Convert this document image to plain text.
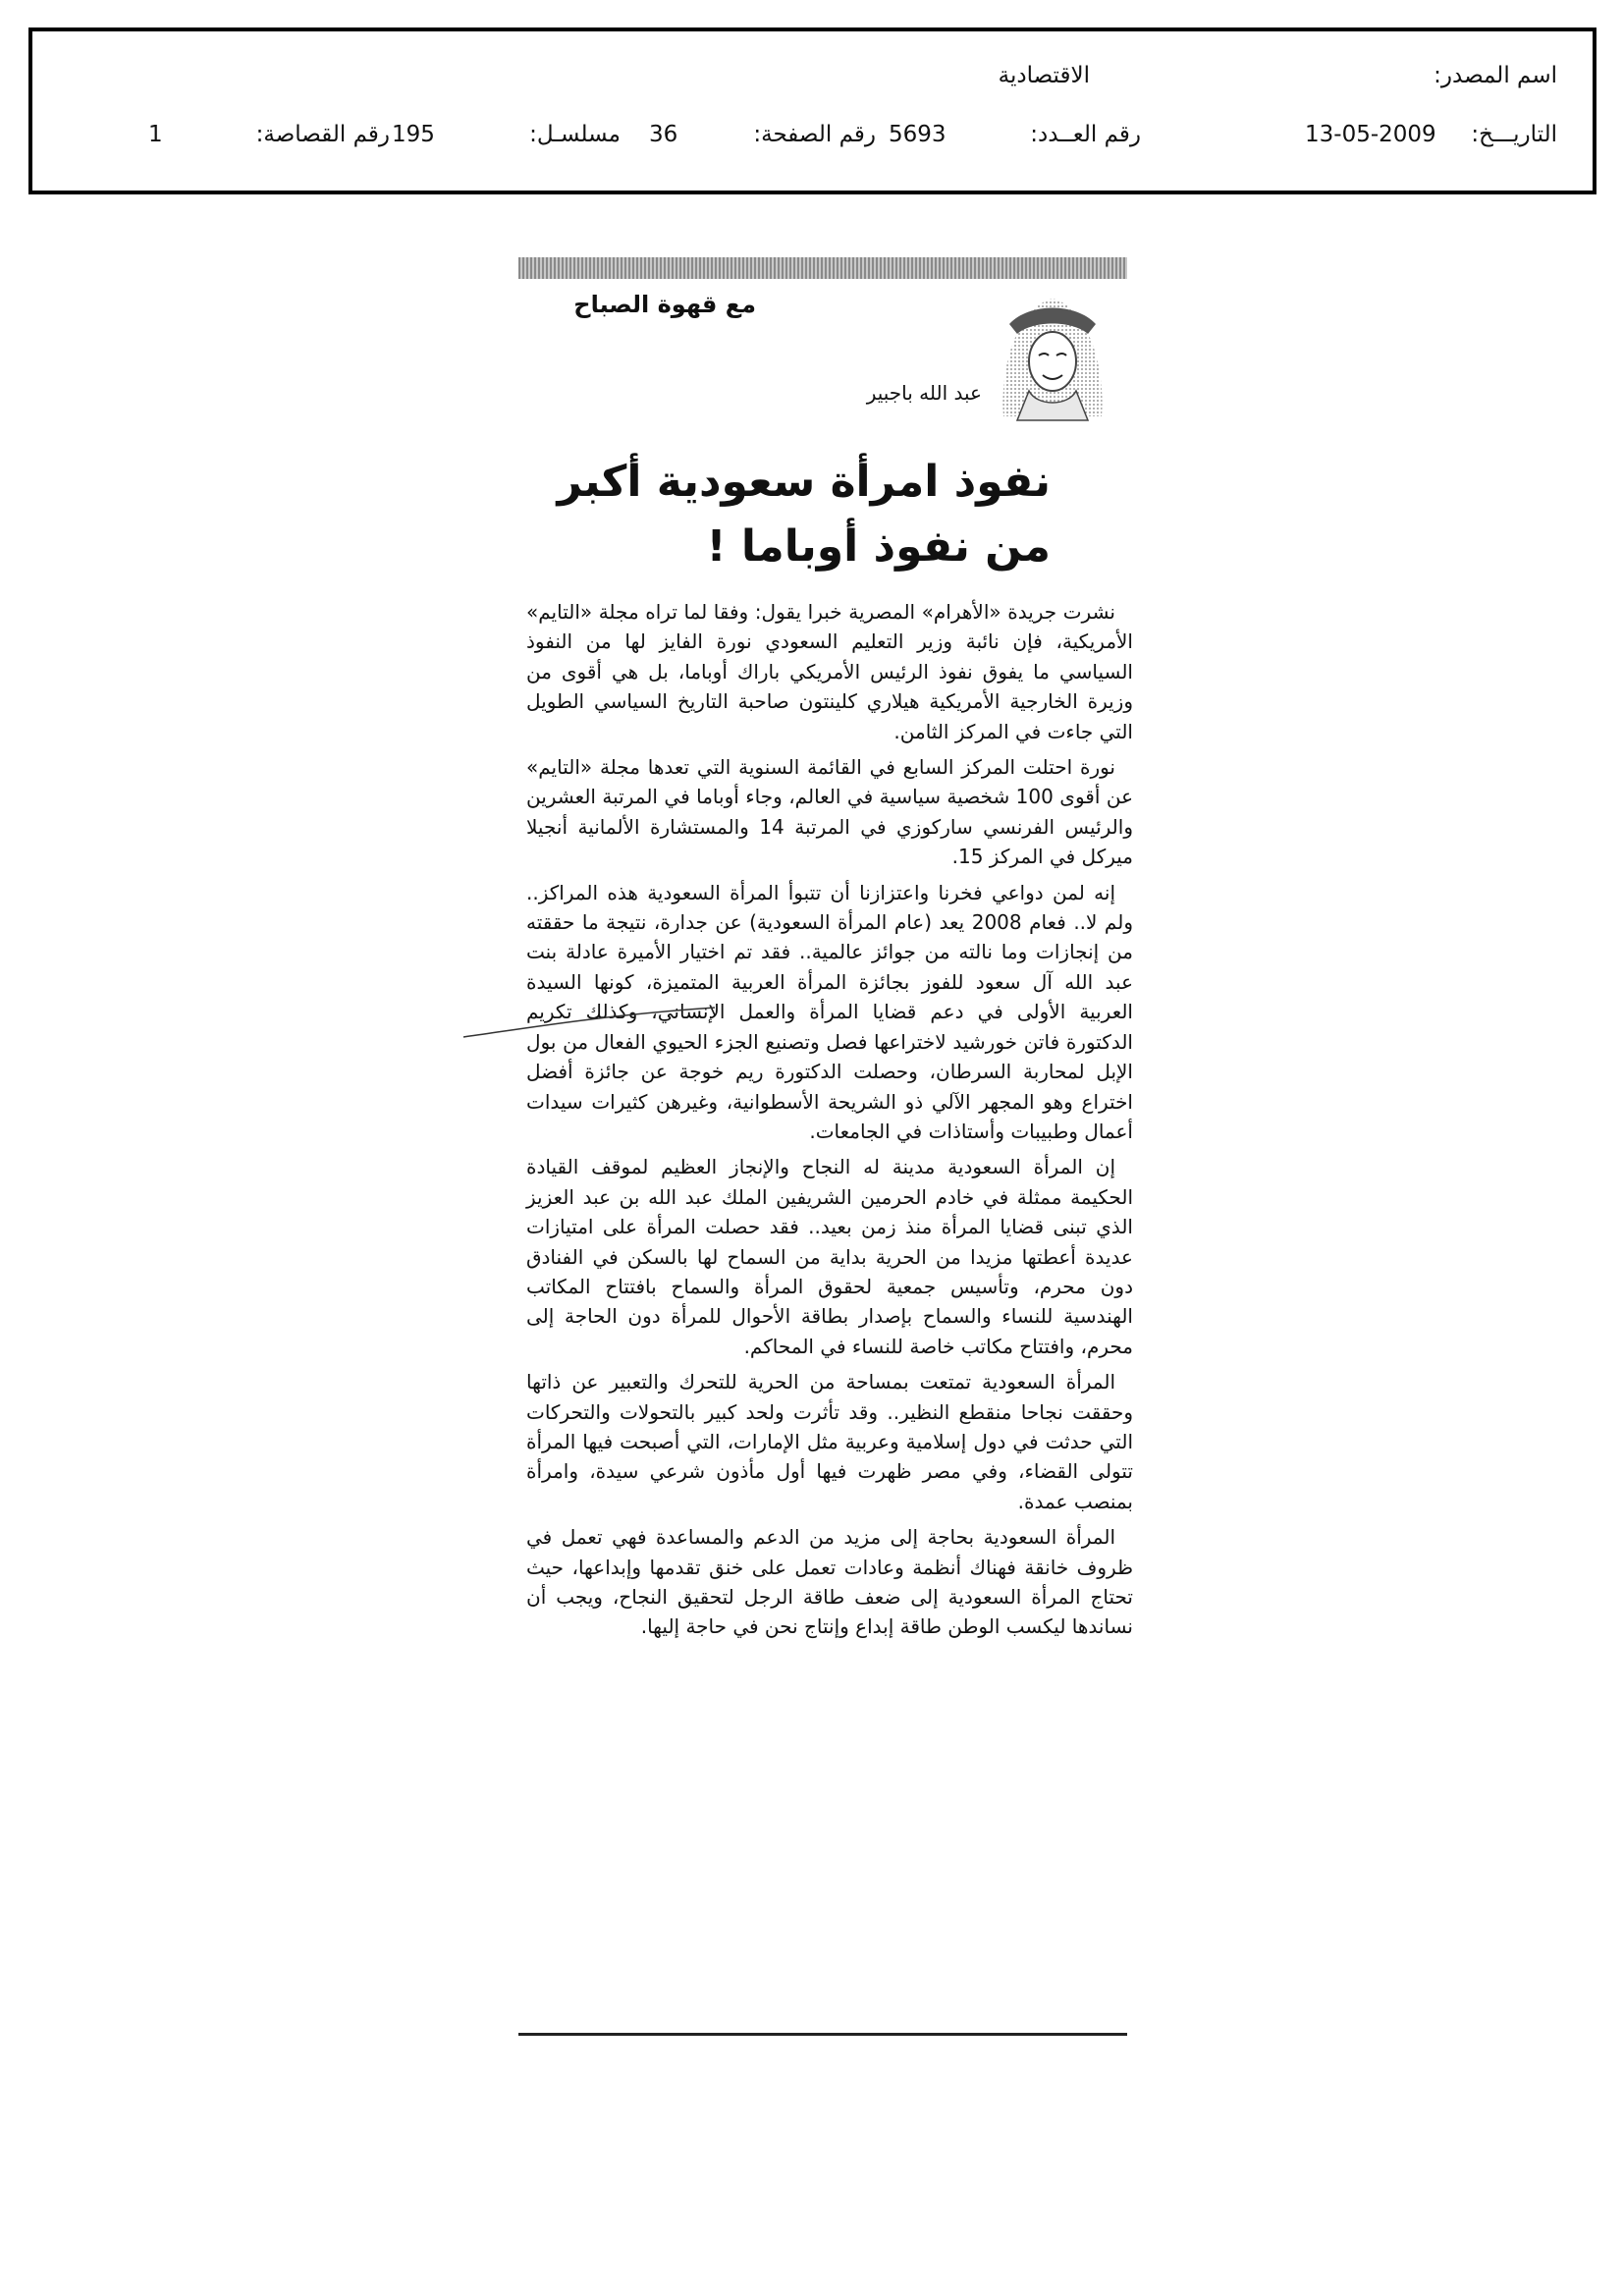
اسم المصدر:
الاقتصادية
التاريـــخ:
13-05-2009
رقم العــدد:
5693
رقم الصفحة:
36
مسلسـل:
195
رقم القصاصة:
1
مع قهوة الصباح
عبد الله باجبير
نفوذ امرأة سعودية أكبر
من نفوذ أوباما !

نشرت جريدة «الأهرام» المصرية خبرا يقول: وفقا لما تراه مجلة «التايم» الأمريكية، فإن نائبة وزير التعليم السعودي نورة الفايز لها من النفوذ السياسي ما يفوق نفوذ الرئيس الأمريكي باراك أوباما، بل هي أقوى من وزيرة الخارجية الأمريكية هيلاري كلينتون صاحبة التاريخ السياسي الطويل التي جاءت في المركز الثامن.

نورة احتلت المركز السابع في القائمة السنوية التي تعدها مجلة «التايم» عن أقوى 100 شخصية سياسية في العالم، وجاء أوباما في المرتبة العشرين والرئيس الفرنسي ساركوزي في المرتبة 14 والمستشارة الألمانية أنجيلا ميركل في المركز 15.

إنه لمن دواعي فخرنا واعتزازنا أن تتبوأ المرأة السعودية هذه المراكز.. ولم لا.. فعام 2008 يعد (عام المرأة السعودية) عن جدارة، نتيجة ما حققته من إنجازات وما نالته من جوائز عالمية.. فقد تم اختيار الأميرة عادلة بنت عبد الله آل سعود للفوز بجائزة المرأة العربية المتميزة، كونها السيدة العربية الأولى في دعم قضايا المرأة والعمل الإنساني، وكذلك تكريم الدكتورة فاتن خورشيد لاختراعها فصل وتصنيع الجزء الحيوي الفعال من بول الإبل لمحاربة السرطان، وحصلت الدكتورة ريم خوجة عن جائزة أفضل اختراع وهو المجهر الآلي ذو الشريحة الأسطوانية، وغيرهن كثيرات سيدات أعمال وطبيبات وأستاذات في الجامعات.

إن المرأة السعودية مدينة له النجاح والإنجاز العظيم لموقف القيادة الحكيمة ممثلة في خادم الحرمين الشريفين الملك عبد الله بن عبد العزيز الذي تبنى قضايا المرأة منذ زمن بعيد.. فقد حصلت المرأة على امتيازات عديدة أعطتها مزيدا من الحرية بداية من السماح لها بالسكن في الفنادق دون محرم، وتأسيس جمعية لحقوق المرأة والسماح بافتتاح المكاتب الهندسية للنساء والسماح بإصدار بطاقة الأحوال للمرأة دون الحاجة إلى محرم، وافتتاح مكاتب خاصة للنساء في المحاكم.

المرأة السعودية تمتعت بمساحة من الحرية للتحرك والتعبير عن ذاتها وحققت نجاحا منقطع النظير.. وقد تأثرت ولحد كبير بالتحولات والتحركات التي حدثت في دول إسلامية وعربية مثل الإمارات، التي أصبحت فيها المرأة تتولى القضاء، وفي مصر ظهرت فيها أول مأذون شرعي سيدة، وامرأة بمنصب عمدة.

المرأة السعودية بحاجة إلى مزيد من الدعم والمساعدة فهي تعمل في ظروف خانقة فهناك أنظمة وعادات تعمل على خنق تقدمها وإبداعها، حيث تحتاج المرأة السعودية إلى ضعف طاقة الرجل لتحقيق النجاح، ويجب أن نساندها ليكسب الوطن طاقة إبداع وإنتاج نحن في حاجة إليها.
